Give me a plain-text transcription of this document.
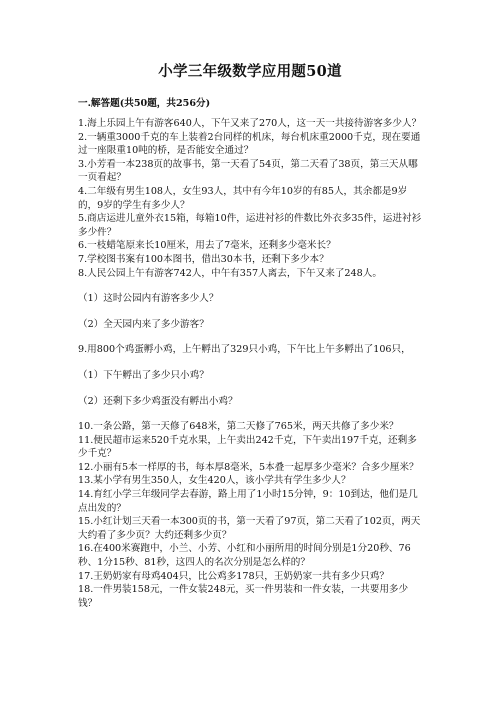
小学三年级数学应用题50道
一.解答题(共50题，共256分)

1.海上乐园上午有游客640人，下午又来了270人，这一天一共接待游客多少人？

2.一辆重3000千克的车上装着2台同样的机床，每台机床重2000千克，现在要通过一座限重10吨的桥，是否能安全通过？

3.小芳看一本238页的故事书，第一天看了54页，第二天看了38页，第三天从哪一页看起？

4.二年级有男生108人，女生93人，其中有今年10岁的有85人，其余都是9岁的，9岁的学生有多少人？

5.商店运进儿童外衣15箱，每箱10件，运进衬衫的件数比外衣多35件，运进衬衫多少件？

6.一枝蜡笔原来长10厘米，用去了7毫米，还剩多少毫米长？

7.学校图书案有100本图书，借出30本书，还剩下多少本？

8.人民公园上午有游客742人，中午有357人离去，下午又来了248人。

（1）这时公园内有游客多少人？

（2）全天园内来了多少游客？

9.用800个鸡蛋孵小鸡，上午孵出了329只小鸡，下午比上午多孵出了106只，

（1）下午孵出了多少只小鸡？

（2）还剩下多少鸡蛋没有孵出小鸡？

10.一条公路，第一天修了648米，第二天修了765米，两天共修了多少米？

11.便民超市运来520千克水果，上午卖出242千克，下午卖出197千克，还剩多少千克？

12.小丽有5本一样厚的书，每本厚8毫米，5本叠一起厚多少毫米？合多少厘米？

13.某小学有男生350人，女生420人，该小学共有学生多少人？

14.育红小学三年级同学去春游，路上用了1小时15分钟，9：10到达，他们是几点出发的？

15.小红计划三天看一本300页的书，第一天看了97页，第二天看了102页，两天大约看了多少页？大约还剩多少页？

16.在400米赛跑中，小兰、小芳、小红和小丽所用的时间分别是1分20秒、76秒、1分15秒、81秒，这四人的名次分别是怎么样的？

17.王奶奶家有母鸡404只，比公鸡多178只，王奶奶家一共有多少只鸡？

18.一件男装158元，一件女装248元，买一件男装和一件女装，一共要用多少钱？
